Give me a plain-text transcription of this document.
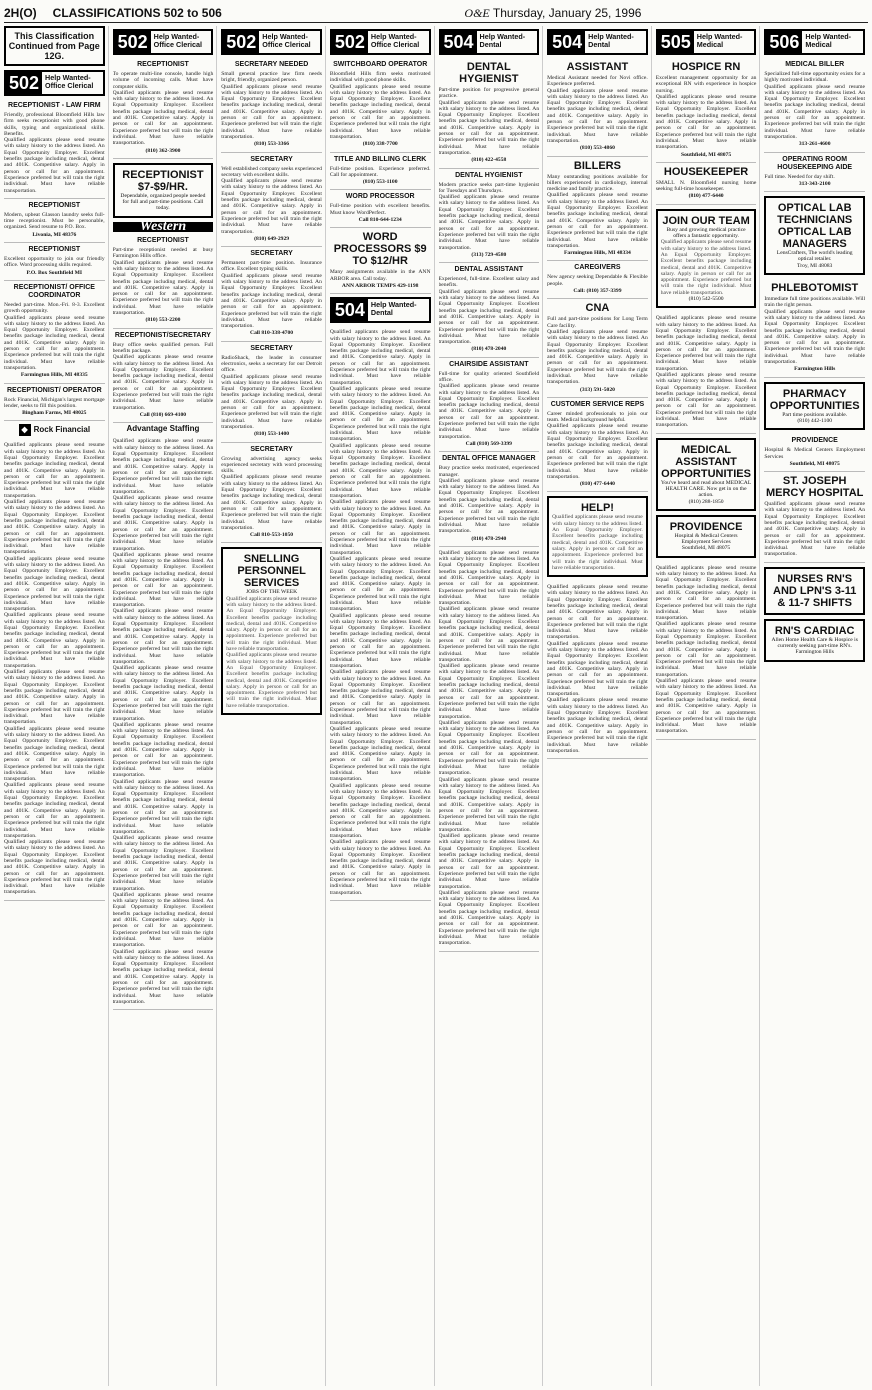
2H(O) CLASSIFICATIONS 502 to 506	O&E Thursday, January 25, 1996
This Classification Continued from Page 12G.
502 Help Wanted- Office Clerical
RECEPTIONIST - LAW FIRM
Friendly, professional Bloomfield Hills law firm seeks receptionist with good phone skills, typing and organizational skills. Benefits.
Qualified applicants please send resume with salary history to the address listed. An Equal Opportunity Employer. Excellent benefits package including medical, dental and 401K. Competitive salary. Apply in person or call for an appointment. Experience preferred but will train the right individual. Must have reliable transportation.
RECEPTIONIST
Modern, upbeat Glasson laundry seeks full-time receptionist. Must be personable, organized. Send resume to P.O. Box.
Livonia, MI 48376
RECEPTIONIST
Excellent opportunity to join our friendly office. Word processing skills required.
P.O. Box Southfield MI
RECEPTIONIST/ OFFICE COORDINATOR
Needed part-time. Mon.-Fri. 8-3. Excellent growth opportunity.
Qualified applicants please send resume with salary history to the address listed. An Equal Opportunity Employer. Excellent benefits package including medical, dental and 401K. Competitive salary. Apply in person or call for an appointment. Experience preferred but will train the right individual. Must have reliable transportation.
Farmington Hills, MI 48335
RECEPTIONIST/ OPERATOR
Rock Financial, Michigan's largest mortgage lender, seeks to fill this position.
Bingham Farms, MI 48025
◆ Rock Financial
Qualified applicants please send resume with salary history to the address listed. An Equal Opportunity Employer. Excellent benefits package including medical, dental and 401K. Competitive salary. Apply in person or call for an appointment. Experience preferred but will train the right individual. Must have reliable transportation.
Qualified applicants please send resume with salary history to the address listed. An Equal Opportunity Employer. Excellent benefits package including medical, dental and 401K. Competitive salary. Apply in person or call for an appointment. Experience preferred but will train the right individual. Must have reliable transportation.
Qualified applicants please send resume with salary history to the address listed. An Equal Opportunity Employer. Excellent benefits package including medical, dental and 401K. Competitive salary. Apply in person or call for an appointment. Experience preferred but will train the right individual. Must have reliable transportation.
Qualified applicants please send resume with salary history to the address listed. An Equal Opportunity Employer. Excellent benefits package including medical, dental and 401K. Competitive salary. Apply in person or call for an appointment. Experience preferred but will train the right individual. Must have reliable transportation.
Qualified applicants please send resume with salary history to the address listed. An Equal Opportunity Employer. Excellent benefits package including medical, dental and 401K. Competitive salary. Apply in person or call for an appointment. Experience preferred but will train the right individual. Must have reliable transportation.
Qualified applicants please send resume with salary history to the address listed. An Equal Opportunity Employer. Excellent benefits package including medical, dental and 401K. Competitive salary. Apply in person or call for an appointment. Experience preferred but will train the right individual. Must have reliable transportation.
Qualified applicants please send resume with salary history to the address listed. An Equal Opportunity Employer. Excellent benefits package including medical, dental and 401K. Competitive salary. Apply in person or call for an appointment. Experience preferred but will train the right individual. Must have reliable transportation.
Qualified applicants please send resume with salary history to the address listed. An Equal Opportunity Employer. Excellent benefits package including medical, dental and 401K. Competitive salary. Apply in person or call for an appointment. Experience preferred but will train the right individual. Must have reliable transportation.
502 Help Wanted- Office Clerical
RECEPTIONIST
To operate multi-line console, handle high volume of incoming calls. Must have computer skills.
Qualified applicants please send resume with salary history to the address listed. An Equal Opportunity Employer. Excellent benefits package including medical, dental and 401K. Competitive salary. Apply in person or call for an appointment. Experience preferred but will train the right individual. Must have reliable transportation.
(810) 362-3900
RECEPTIONIST $7-$9/HR.
Dependable, organized people needed for full and part-time positions. Call today.
Western
RECEPTIONIST
Part-time receptionist needed at busy Farmington Hills office.
Qualified applicants please send resume with salary history to the address listed. An Equal Opportunity Employer. Excellent benefits package including medical, dental and 401K. Competitive salary. Apply in person or call for an appointment. Experience preferred but will train the right individual. Must have reliable transportation.
(810) 553-2200
RECEPTIONIST/SECRETARY
Busy office seeks qualified person. Full benefits package.
Qualified applicants please send resume with salary history to the address listed. An Equal Opportunity Employer. Excellent benefits package including medical, dental and 401K. Competitive salary. Apply in person or call for an appointment. Experience preferred but will train the right individual. Must have reliable transportation.
Call (810) 669-4100
Advantage Staffing
Qualified applicants please send resume with salary history to the address listed. An Equal Opportunity Employer. Excellent benefits package including medical, dental and 401K. Competitive salary. Apply in person or call for an appointment. Experience preferred but will train the right individual. Must have reliable transportation.
Qualified applicants please send resume with salary history to the address listed. An Equal Opportunity Employer. Excellent benefits package including medical, dental and 401K. Competitive salary. Apply in person or call for an appointment. Experience preferred but will train the right individual. Must have reliable transportation.
Qualified applicants please send resume with salary history to the address listed. An Equal Opportunity Employer. Excellent benefits package including medical, dental and 401K. Competitive salary. Apply in person or call for an appointment. Experience preferred but will train the right individual. Must have reliable transportation.
Qualified applicants please send resume with salary history to the address listed. An Equal Opportunity Employer. Excellent benefits package including medical, dental and 401K. Competitive salary. Apply in person or call for an appointment. Experience preferred but will train the right individual. Must have reliable transportation.
Qualified applicants please send resume with salary history to the address listed. An Equal Opportunity Employer. Excellent benefits package including medical, dental and 401K. Competitive salary. Apply in person or call for an appointment. Experience preferred but will train the right individual. Must have reliable transportation.
Qualified applicants please send resume with salary history to the address listed. An Equal Opportunity Employer. Excellent benefits package including medical, dental and 401K. Competitive salary. Apply in person or call for an appointment. Experience preferred but will train the right individual. Must have reliable transportation.
Qualified applicants please send resume with salary history to the address listed. An Equal Opportunity Employer. Excellent benefits package including medical, dental and 401K. Competitive salary. Apply in person or call for an appointment. Experience preferred but will train the right individual. Must have reliable transportation.
Qualified applicants please send resume with salary history to the address listed. An Equal Opportunity Employer. Excellent benefits package including medical, dental and 401K. Competitive salary. Apply in person or call for an appointment. Experience preferred but will train the right individual. Must have reliable transportation.
Qualified applicants please send resume with salary history to the address listed. An Equal Opportunity Employer. Excellent benefits package including medical, dental and 401K. Competitive salary. Apply in person or call for an appointment. Experience preferred but will train the right individual. Must have reliable transportation.
Qualified applicants please send resume with salary history to the address listed. An Equal Opportunity Employer. Excellent benefits package including medical, dental and 401K. Competitive salary. Apply in person or call for an appointment. Experience preferred but will train the right individual. Must have reliable transportation.
502 Help Wanted- Office Clerical
SECRETARY NEEDED
Small general practice law firm needs bright, friendly, organized person.
Qualified applicants please send resume with salary history to the address listed. An Equal Opportunity Employer. Excellent benefits package including medical, dental and 401K. Competitive salary. Apply in person or call for an appointment. Experience preferred but will train the right individual. Must have reliable transportation.
(810) 553-3366
SECRETARY
Well established company seeks experienced secretary with excellent skills.
Qualified applicants please send resume with salary history to the address listed. An Equal Opportunity Employer. Excellent benefits package including medical, dental and 401K. Competitive salary. Apply in person or call for an appointment. Experience preferred but will train the right individual. Must have reliable transportation.
(810) 649-2929
SECRETARY
Permanent part-time position. Insurance office. Excellent typing skills.
Qualified applicants please send resume with salary history to the address listed. An Equal Opportunity Employer. Excellent benefits package including medical, dental and 401K. Competitive salary. Apply in person or call for an appointment. Experience preferred but will train the right individual. Must have reliable transportation.
Call 810-338-4700
SECRETARY
RadioShack, the leader in consumer electronics, seeks a secretary for our Detroit office.
Qualified applicants please send resume with salary history to the address listed. An Equal Opportunity Employer. Excellent benefits package including medical, dental and 401K. Competitive salary. Apply in person or call for an appointment. Experience preferred but will train the right individual. Must have reliable transportation.
(810) 553-1400
SECRETARY
Growing advertising agency seeks experienced secretary with word processing skills.
Qualified applicants please send resume with salary history to the address listed. An Equal Opportunity Employer. Excellent benefits package including medical, dental and 401K. Competitive salary. Apply in person or call for an appointment. Experience preferred but will train the right individual. Must have reliable transportation.
Call 810-553-1050
SNELLING PERSONNEL SERVICES
JOBS OF THE WEEK
Qualified applicants please send resume with salary history to the address listed. An Equal Opportunity Employer. Excellent benefits package including medical, dental and 401K. Competitive salary. Apply in person or call for an appointment. Experience preferred but will train the right individual. Must have reliable transportation.
Qualified applicants please send resume with salary history to the address listed. An Equal Opportunity Employer. Excellent benefits package including medical, dental and 401K. Competitive salary. Apply in person or call for an appointment. Experience preferred but will train the right individual. Must have reliable transportation.
502 Help Wanted- Office Clerical
SWITCHBOARD OPERATOR
Bloomfield Hills firm seeks motivated individual with good phone skills.
Qualified applicants please send resume with salary history to the address listed. An Equal Opportunity Employer. Excellent benefits package including medical, dental and 401K. Competitive salary. Apply in person or call for an appointment. Experience preferred but will train the right individual. Must have reliable transportation.
(810) 338-7700
TITLE AND BILLING CLERK
Full-time position. Experience preferred. Call for appointment.
(810) 553-1100
WORD PROCESSOR
Full-time position with excellent benefits. Must know WordPerfect.
Call 810-644-1234
WORD PROCESSORS $9 TO $12/HR
Many assignments available in the ANN ARBOR area. Call today.
ANN ARBOR TEMPS 429-1198
504 Help Wanted- Dental
Qualified applicants please send resume with salary history to the address listed. An Equal Opportunity Employer. Excellent benefits package including medical, dental and 401K. Competitive salary. Apply in person or call for an appointment. Experience preferred but will train the right individual. Must have reliable transportation.
Qualified applicants please send resume with salary history to the address listed. An Equal Opportunity Employer. Excellent benefits package including medical, dental and 401K. Competitive salary. Apply in person or call for an appointment. Experience preferred but will train the right individual. Must have reliable transportation.
Qualified applicants please send resume with salary history to the address listed. An Equal Opportunity Employer. Excellent benefits package including medical, dental and 401K. Competitive salary. Apply in person or call for an appointment. Experience preferred but will train the right individual. Must have reliable transportation.
Qualified applicants please send resume with salary history to the address listed. An Equal Opportunity Employer. Excellent benefits package including medical, dental and 401K. Competitive salary. Apply in person or call for an appointment. Experience preferred but will train the right individual. Must have reliable transportation.
Qualified applicants please send resume with salary history to the address listed. An Equal Opportunity Employer. Excellent benefits package including medical, dental and 401K. Competitive salary. Apply in person or call for an appointment. Experience preferred but will train the right individual. Must have reliable transportation.
Qualified applicants please send resume with salary history to the address listed. An Equal Opportunity Employer. Excellent benefits package including medical, dental and 401K. Competitive salary. Apply in person or call for an appointment. Experience preferred but will train the right individual. Must have reliable transportation.
Qualified applicants please send resume with salary history to the address listed. An Equal Opportunity Employer. Excellent benefits package including medical, dental and 401K. Competitive salary. Apply in person or call for an appointment. Experience preferred but will train the right individual. Must have reliable transportation.
Qualified applicants please send resume with salary history to the address listed. An Equal Opportunity Employer. Excellent benefits package including medical, dental and 401K. Competitive salary. Apply in person or call for an appointment. Experience preferred but will train the right individual. Must have reliable transportation.
Qualified applicants please send resume with salary history to the address listed. An Equal Opportunity Employer. Excellent benefits package including medical, dental and 401K. Competitive salary. Apply in person or call for an appointment. Experience preferred but will train the right individual. Must have reliable transportation.
Qualified applicants please send resume with salary history to the address listed. An Equal Opportunity Employer. Excellent benefits package including medical, dental and 401K. Competitive salary. Apply in person or call for an appointment. Experience preferred but will train the right individual. Must have reliable transportation.
504 Help Wanted- Dental
DENTAL HYGIENIST
Part-time position for progressive general practice.
Qualified applicants please send resume with salary history to the address listed. An Equal Opportunity Employer. Excellent benefits package including medical, dental and 401K. Competitive salary. Apply in person or call for an appointment. Experience preferred but will train the right individual. Must have reliable transportation.
(810) 422-4558
DENTAL HYGIENIST
Modern practice seeks part-time hygienist for Tuesdays and Thursdays.
Qualified applicants please send resume with salary history to the address listed. An Equal Opportunity Employer. Excellent benefits package including medical, dental and 401K. Competitive salary. Apply in person or call for an appointment. Experience preferred but will train the right individual. Must have reliable transportation.
(313) 729-4580
DENTAL ASSISTANT
Experienced, full-time. Excellent salary and benefits.
Qualified applicants please send resume with salary history to the address listed. An Equal Opportunity Employer. Excellent benefits package including medical, dental and 401K. Competitive salary. Apply in person or call for an appointment. Experience preferred but will train the right individual. Must have reliable transportation.
(810) 478-2040
CHAIRSIDE ASSISTANT
Full-time for quality oriented Southfield office.
Qualified applicants please send resume with salary history to the address listed. An Equal Opportunity Employer. Excellent benefits package including medical, dental and 401K. Competitive salary. Apply in person or call for an appointment. Experience preferred but will train the right individual. Must have reliable transportation.
Call (810) 569-3399
DENTAL OFFICE MANAGER
Busy practice seeks motivated, experienced manager.
Qualified applicants please send resume with salary history to the address listed. An Equal Opportunity Employer. Excellent benefits package including medical, dental and 401K. Competitive salary. Apply in person or call for an appointment. Experience preferred but will train the right individual. Must have reliable transportation.
(810) 478-2940
Qualified applicants please send resume with salary history to the address listed. An Equal Opportunity Employer. Excellent benefits package including medical, dental and 401K. Competitive salary. Apply in person or call for an appointment. Experience preferred but will train the right individual. Must have reliable transportation.
Qualified applicants please send resume with salary history to the address listed. An Equal Opportunity Employer. Excellent benefits package including medical, dental and 401K. Competitive salary. Apply in person or call for an appointment. Experience preferred but will train the right individual. Must have reliable transportation.
Qualified applicants please send resume with salary history to the address listed. An Equal Opportunity Employer. Excellent benefits package including medical, dental and 401K. Competitive salary. Apply in person or call for an appointment. Experience preferred but will train the right individual. Must have reliable transportation.
Qualified applicants please send resume with salary history to the address listed. An Equal Opportunity Employer. Excellent benefits package including medical, dental and 401K. Competitive salary. Apply in person or call for an appointment. Experience preferred but will train the right individual. Must have reliable transportation.
Qualified applicants please send resume with salary history to the address listed. An Equal Opportunity Employer. Excellent benefits package including medical, dental and 401K. Competitive salary. Apply in person or call for an appointment. Experience preferred but will train the right individual. Must have reliable transportation.
Qualified applicants please send resume with salary history to the address listed. An Equal Opportunity Employer. Excellent benefits package including medical, dental and 401K. Competitive salary. Apply in person or call for an appointment. Experience preferred but will train the right individual. Must have reliable transportation.
Qualified applicants please send resume with salary history to the address listed. An Equal Opportunity Employer. Excellent benefits package including medical, dental and 401K. Competitive salary. Apply in person or call for an appointment. Experience preferred but will train the right individual. Must have reliable transportation.
504 Help Wanted- Dental
ASSISTANT
Medical Assistant needed for Novi office. Experience preferred.
Qualified applicants please send resume with salary history to the address listed. An Equal Opportunity Employer. Excellent benefits package including medical, dental and 401K. Competitive salary. Apply in person or call for an appointment. Experience preferred but will train the right individual. Must have reliable transportation.
(810) 553-4860
BILLERS
Many outstanding positions available for billers experienced in cardiology, internal medicine and family practice.
Qualified applicants please send resume with salary history to the address listed. An Equal Opportunity Employer. Excellent benefits package including medical, dental and 401K. Competitive salary. Apply in person or call for an appointment. Experience preferred but will train the right individual. Must have reliable transportation.
Farmington Hills, MI 48334
CAREGIVERS
New agency seeking Dependable & Flexible people.
Call: (810) 357-3399
CNA
Full and part-time positions for Long Term Care facility.
Qualified applicants please send resume with salary history to the address listed. An Equal Opportunity Employer. Excellent benefits package including medical, dental and 401K. Competitive salary. Apply in person or call for an appointment. Experience preferred but will train the right individual. Must have reliable transportation.
(313) 591-5020
CUSTOMER SERVICE REPS
Career minded professionals to join our team. Medical background helpful.
Qualified applicants please send resume with salary history to the address listed. An Equal Opportunity Employer. Excellent benefits package including medical, dental and 401K. Competitive salary. Apply in person or call for an appointment. Experience preferred but will train the right individual. Must have reliable transportation.
(810) 477-6440
HELP!
Qualified applicants please send resume with salary history to the address listed. An Equal Opportunity Employer. Excellent benefits package including medical, dental and 401K. Competitive salary. Apply in person or call for an appointment. Experience preferred but will train the right individual. Must have reliable transportation.
Qualified applicants please send resume with salary history to the address listed. An Equal Opportunity Employer. Excellent benefits package including medical, dental and 401K. Competitive salary. Apply in person or call for an appointment. Experience preferred but will train the right individual. Must have reliable transportation.
Qualified applicants please send resume with salary history to the address listed. An Equal Opportunity Employer. Excellent benefits package including medical, dental and 401K. Competitive salary. Apply in person or call for an appointment. Experience preferred but will train the right individual. Must have reliable transportation.
Qualified applicants please send resume with salary history to the address listed. An Equal Opportunity Employer. Excellent benefits package including medical, dental and 401K. Competitive salary. Apply in person or call for an appointment. Experience preferred but will train the right individual. Must have reliable transportation.
505 Help Wanted- Medical
HOSPICE RN
Excellent management opportunity for an exceptional RN with experience in hospice nursing.
Qualified applicants please send resume with salary history to the address listed. An Equal Opportunity Employer. Excellent benefits package including medical, dental and 401K. Competitive salary. Apply in person or call for an appointment. Experience preferred but will train the right individual. Must have reliable transportation.
Southfield, MI 48075
HOUSEKEEPER
SMALL N. Bloomfield nursing home seeking full-time housekeeper.
(810) 477-6440
JOIN OUR TEAM
Busy and growing medical practice offers a fantastic opportunity.
Qualified applicants please send resume with salary history to the address listed. An Equal Opportunity Employer. Excellent benefits package including medical, dental and 401K. Competitive salary. Apply in person or call for an appointment. Experience preferred but will train the right individual. Must have reliable transportation.
(810) 542-5500
Qualified applicants please send resume with salary history to the address listed. An Equal Opportunity Employer. Excellent benefits package including medical, dental and 401K. Competitive salary. Apply in person or call for an appointment. Experience preferred but will train the right individual. Must have reliable transportation.
Qualified applicants please send resume with salary history to the address listed. An Equal Opportunity Employer. Excellent benefits package including medical, dental and 401K. Competitive salary. Apply in person or call for an appointment. Experience preferred but will train the right individual. Must have reliable transportation.
MEDICAL ASSISTANT OPPORTUNITIES
You've heard and read about MEDICAL HEALTH CARE. Now get in on the action.
(810) 288-1850
PROVIDENCE
Hospital & Medical Centers Employment Services
Southfield, MI 48075
Qualified applicants please send resume with salary history to the address listed. An Equal Opportunity Employer. Excellent benefits package including medical, dental and 401K. Competitive salary. Apply in person or call for an appointment. Experience preferred but will train the right individual. Must have reliable transportation.
Qualified applicants please send resume with salary history to the address listed. An Equal Opportunity Employer. Excellent benefits package including medical, dental and 401K. Competitive salary. Apply in person or call for an appointment. Experience preferred but will train the right individual. Must have reliable transportation.
Qualified applicants please send resume with salary history to the address listed. An Equal Opportunity Employer. Excellent benefits package including medical, dental and 401K. Competitive salary. Apply in person or call for an appointment. Experience preferred but will train the right individual. Must have reliable transportation.
506 Help Wanted- Medical
MEDICAL BILLER
Specialized full-time opportunity exists for a highly motivated individual.
Qualified applicants please send resume with salary history to the address listed. An Equal Opportunity Employer. Excellent benefits package including medical, dental and 401K. Competitive salary. Apply in person or call for an appointment. Experience preferred but will train the right individual. Must have reliable transportation.
313-261-4600
OPERATING ROOM HOUSEKEEPING AIDE
Full time. Needed for day shift.
313-343-2100
OPTICAL LAB TECHNICIANS OPTICAL LAB MANAGERS
LensCrafters, The world's leading optical retailer.
Troy, MI 48083
PHLEBOTOMIST
Immediate full time positions available. Will train the right person.
Qualified applicants please send resume with salary history to the address listed. An Equal Opportunity Employer. Excellent benefits package including medical, dental and 401K. Competitive salary. Apply in person or call for an appointment. Experience preferred but will train the right individual. Must have reliable transportation.
Farmington Hills
PHARMACY OPPORTUNITIES
Part time positions available.
(810) 442-1100
PROVIDENCE
Hospital & Medical Centers Employment Services
Southfield, MI 48075
ST. JOSEPH MERCY HOSPITAL
Qualified applicants please send resume with salary history to the address listed. An Equal Opportunity Employer. Excellent benefits package including medical, dental and 401K. Competitive salary. Apply in person or call for an appointment. Experience preferred but will train the right individual. Must have reliable transportation.
NURSES RN'S AND LPN'S 3-11 & 11-7 SHIFTS
RN'S CARDIAC
Allen Home Health Care & Hospice is currently seeking part-time RN's.
Farmington Hills
